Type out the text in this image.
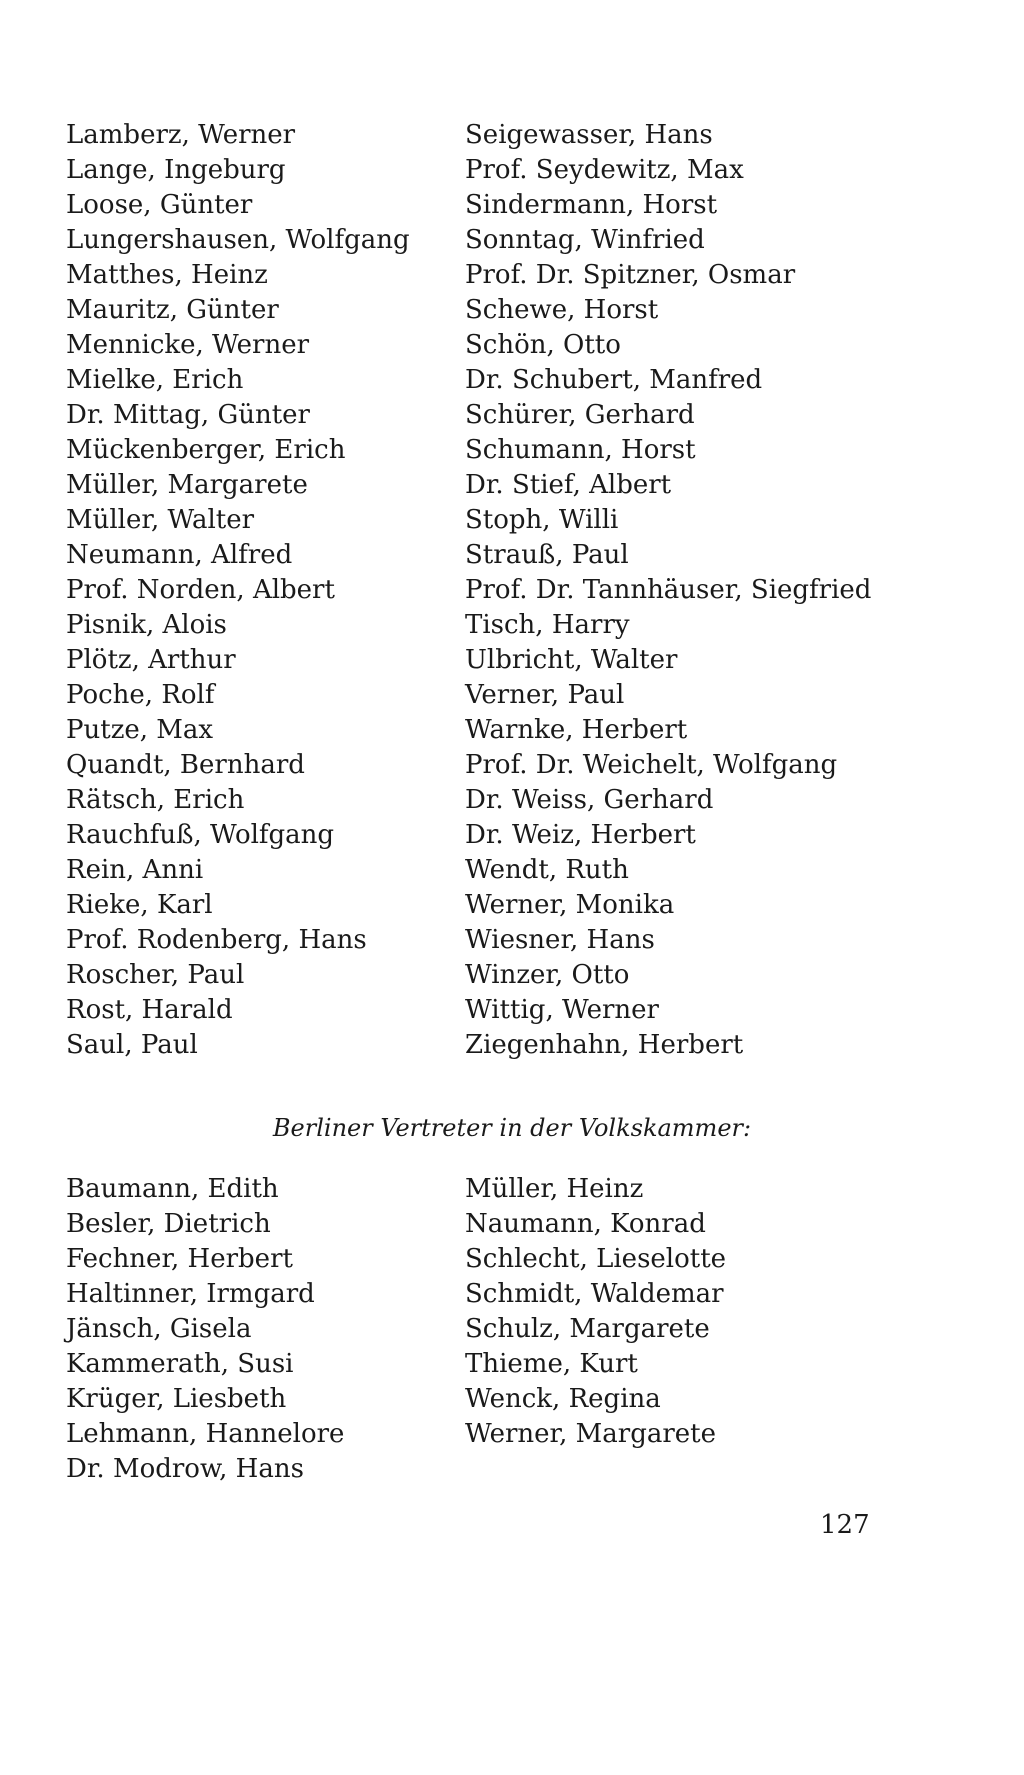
Lamberz, Werner
Lange, Ingeburg
Loose, Günter
Lungershausen, Wolfgang
Matthes, Heinz
Mauritz, Günter
Mennicke, Werner
Mielke, Erich
Dr. Mittag, Günter
Mückenberger, Erich
Müller, Margarete
Müller, Walter
Neumann, Alfred
Prof. Norden, Albert
Pisnik, Alois
Plötz, Arthur
Poche, Rolf
Putze, Max
Quandt, Bernhard
Rätsch, Erich
Rauchfuß, Wolfgang
Rein, Anni
Rieke, Karl
Prof. Rodenberg, Hans
Roscher, Paul
Rost, Harald
Saul, Paul
Seigewasser, Hans
Prof. Seydewitz, Max
Sindermann, Horst
Sonntag, Winfried
Prof. Dr. Spitzner, Osmar
Schewe, Horst
Schön, Otto
Dr. Schubert, Manfred
Schürer, Gerhard
Schumann, Horst
Dr. Stief, Albert
Stoph, Willi
Strauß, Paul
Prof. Dr. Tannhäuser, Siegfried
Tisch, Harry
Ulbricht, Walter
Verner, Paul
Warnke, Herbert
Prof. Dr. Weichelt, Wolfgang
Dr. Weiss, Gerhard
Dr. Weiz, Herbert
Wendt, Ruth
Werner, Monika
Wiesner, Hans
Winzer, Otto
Wittig, Werner
Ziegenhahn, Herbert
Berliner Vertreter in der Volkskammer:
Baumann, Edith
Besler, Dietrich
Fechner, Herbert
Haltinner, Irmgard
Jänsch, Gisela
Kammerath, Susi
Krüger, Liesbeth
Lehmann, Hannelore
Dr. Modrow, Hans
Müller, Heinz
Naumann, Konrad
Schlecht, Lieselotte
Schmidt, Waldemar
Schulz, Margarete
Thieme, Kurt
Wenck, Regina
Werner, Margarete
127
